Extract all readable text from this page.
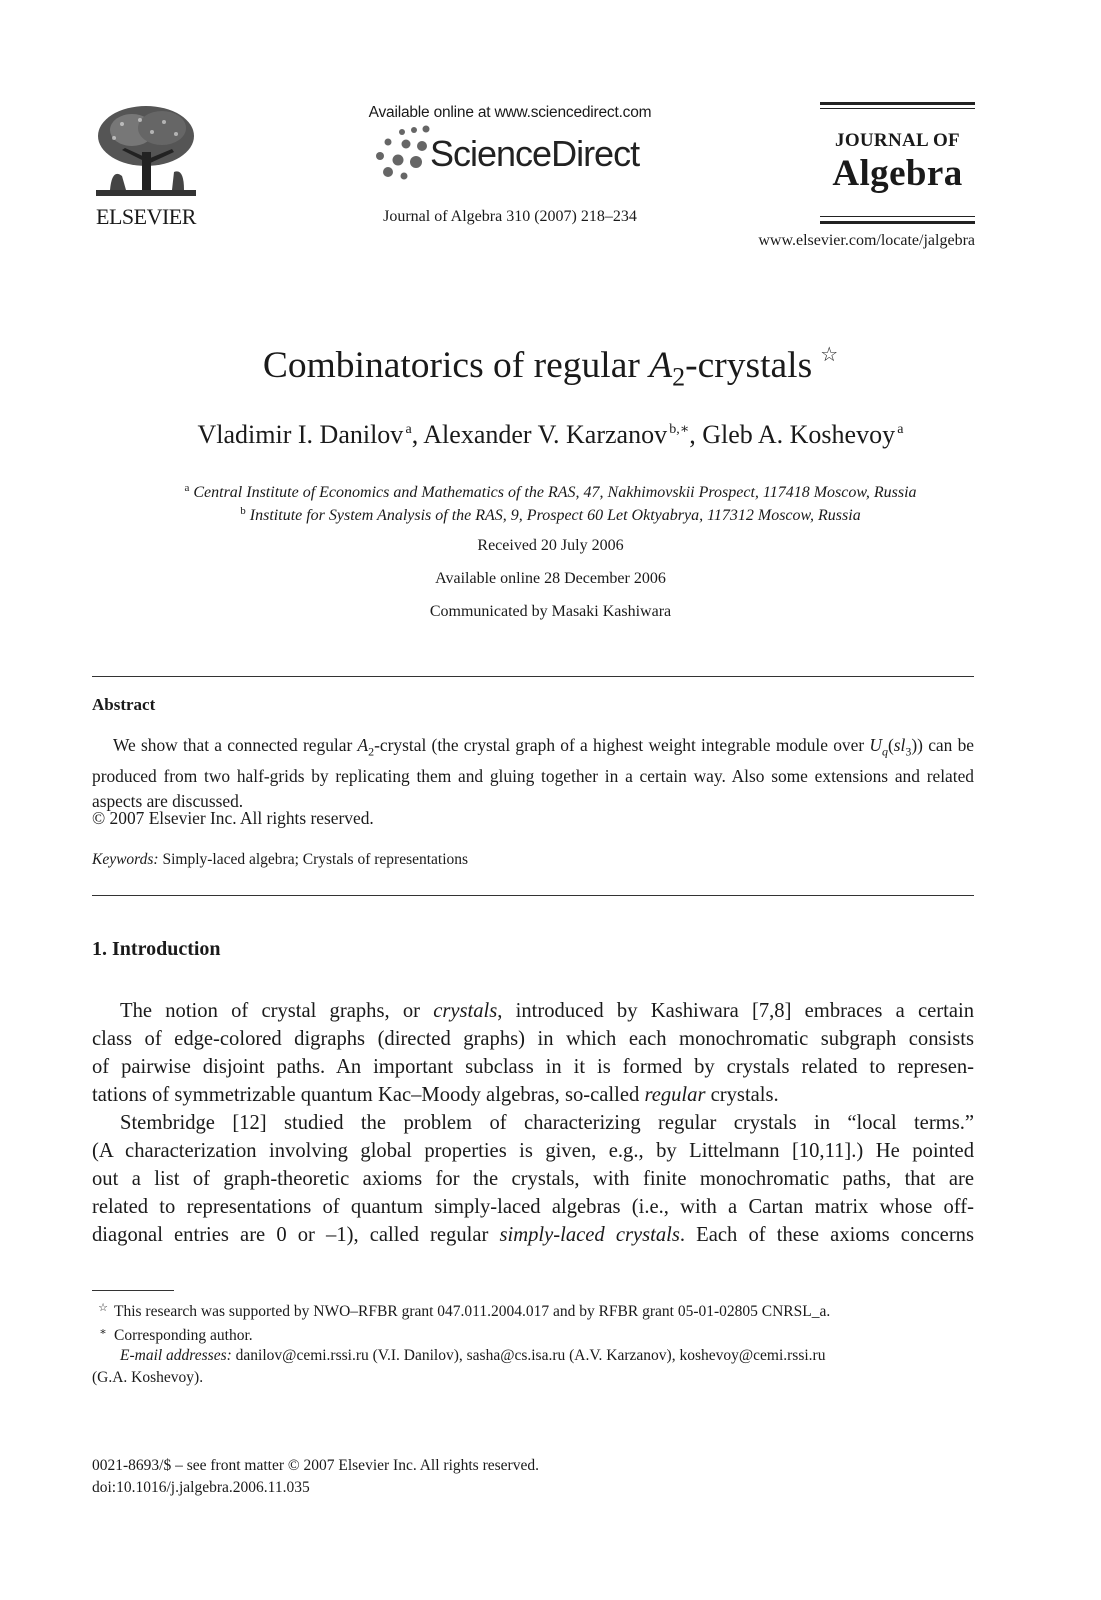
ELSEVIER
Available online at www.sciencedirect.com
ScienceDirect
Journal of Algebra 310 (2007) 218–234
JOURNAL OF
Algebra
www.elsevier.com/locate/jalgebra
Combinatorics of regular $A_2$-crystals ☆
Vladimir I. Danilov  $^a$, Alexander V. Karzanov  $^{b,∗}$, Gleb A. Koshevoy  $^a$
$^a$ Central Institute of Economics and Mathematics of the RAS, 47, Nakhimovskii Prospect, 117418 Moscow, Russia
$^b$ Institute for System Analysis of the RAS, 9, Prospect 60 Let Oktyabrya, 117312 Moscow, Russia
Received 20 July 2006
Available online 28 December 2006
Communicated by Masaki Kashiwara
Abstract
We show that a connected regular $A_2$-crystal (the crystal graph of a highest weight integrable module over $U_q(sl_3)$) can be produced from two half-grids by replicating them and gluing together in a certain way. Also some extensions and related aspects are discussed.
© 2007 Elsevier Inc. All rights reserved.
Keywords: Simply-laced algebra; Crystals of representations
1. Introduction
The notion of crystal graphs, or crystals, introduced by Kashiwara [7,8] embraces a certain
class of edge-colored digraphs (directed graphs) in which each monochromatic subgraph consists
of pairwise disjoint paths. An important subclass in it is formed by crystals related to represen-
tations of symmetrizable quantum Kac–Moody algebras, so-called regular crystals.
Stembridge [12] studied the problem of characterizing regular crystals in “local terms.”
(A characterization involving global properties is given, e.g., by Littelmann [10,11].) He pointed
out a list of graph-theoretic axioms for the crystals, with finite monochromatic paths, that are
related to representations of quantum simply-laced algebras (i.e., with a Cartan matrix whose off-
diagonal entries are 0 or –1), called regular simply-laced crystals. Each of these axioms concerns
☆ This research was supported by NWO–RFBR grant 047.011.2004.017 and by RFBR grant 05-01-02805 CNRSL_a.
∗ Corresponding author.
E-mail addresses: danilov@cemi.rssi.ru (V.I. Danilov), sasha@cs.isa.ru (A.V. Karzanov), koshevoy@cemi.rssi.ru
(G.A. Koshevoy).
0021-8693/$ – see front matter © 2007 Elsevier Inc. All rights reserved.
doi:10.1016/j.jalgebra.2006.11.035
